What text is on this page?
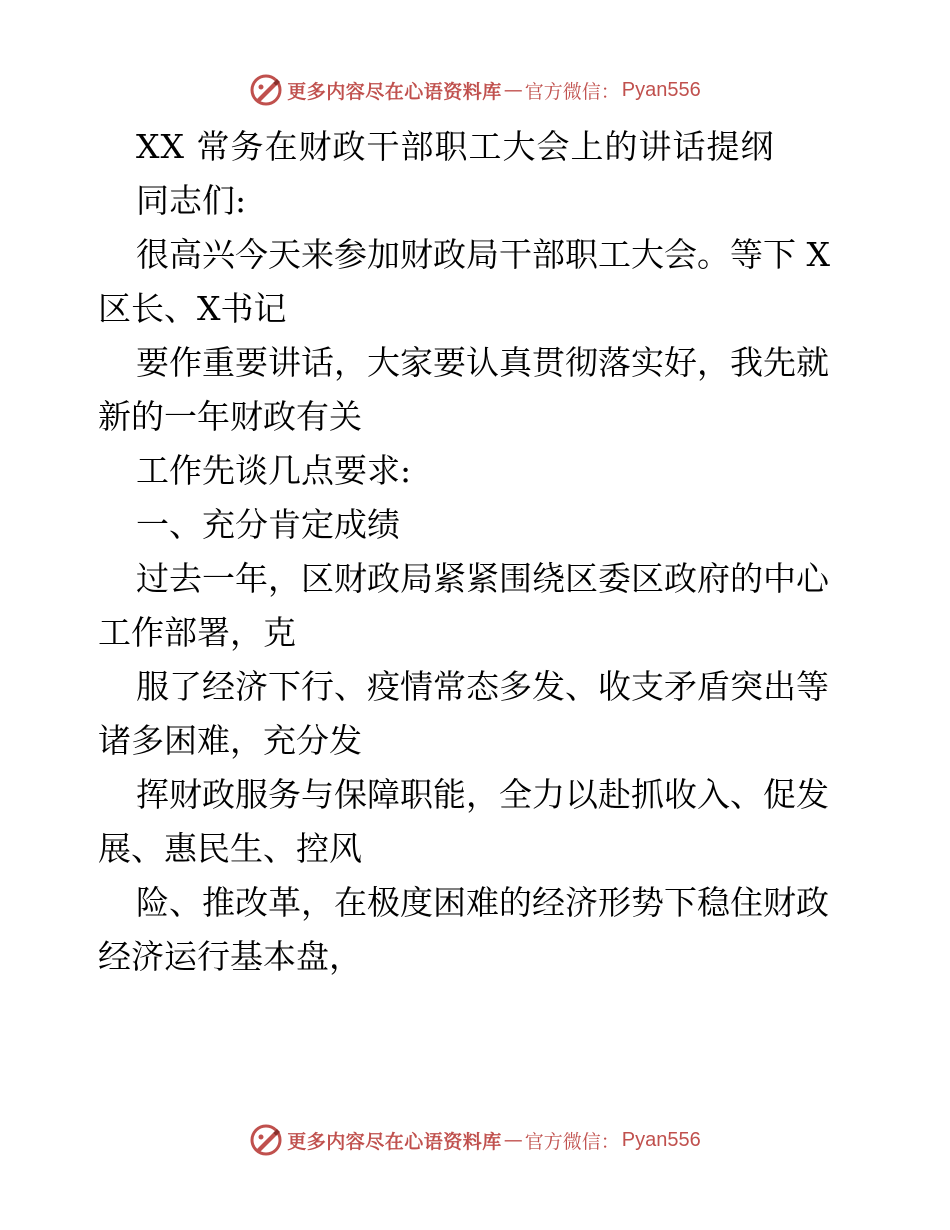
更多内容尽在心语资料库 — 官方微信： Pyan556
XX 常务在财政干部职工大会上的讲话提纲
同志们:
很高兴今天来参加财政局干部职工大会。等下 X
区长、X书记
要作重要讲话，大家要认真贯彻落实好，我先就
新的一年财政有关
工作先谈几点要求:
一、充分肯定成绩
过去一年，区财政局紧紧围绕区委区政府的中心
工作部署，克
服了经济下行、疫情常态多发、收支矛盾突出等
诸多困难，充分发
挥财政服务与保障职能，全力以赴抓收入、促发
展、惠民生、控风
险、推改革，在极度困难的经济形势下稳住财政
经济运行基本盘，
更多内容尽在心语资料库 — 官方微信： Pyan556
